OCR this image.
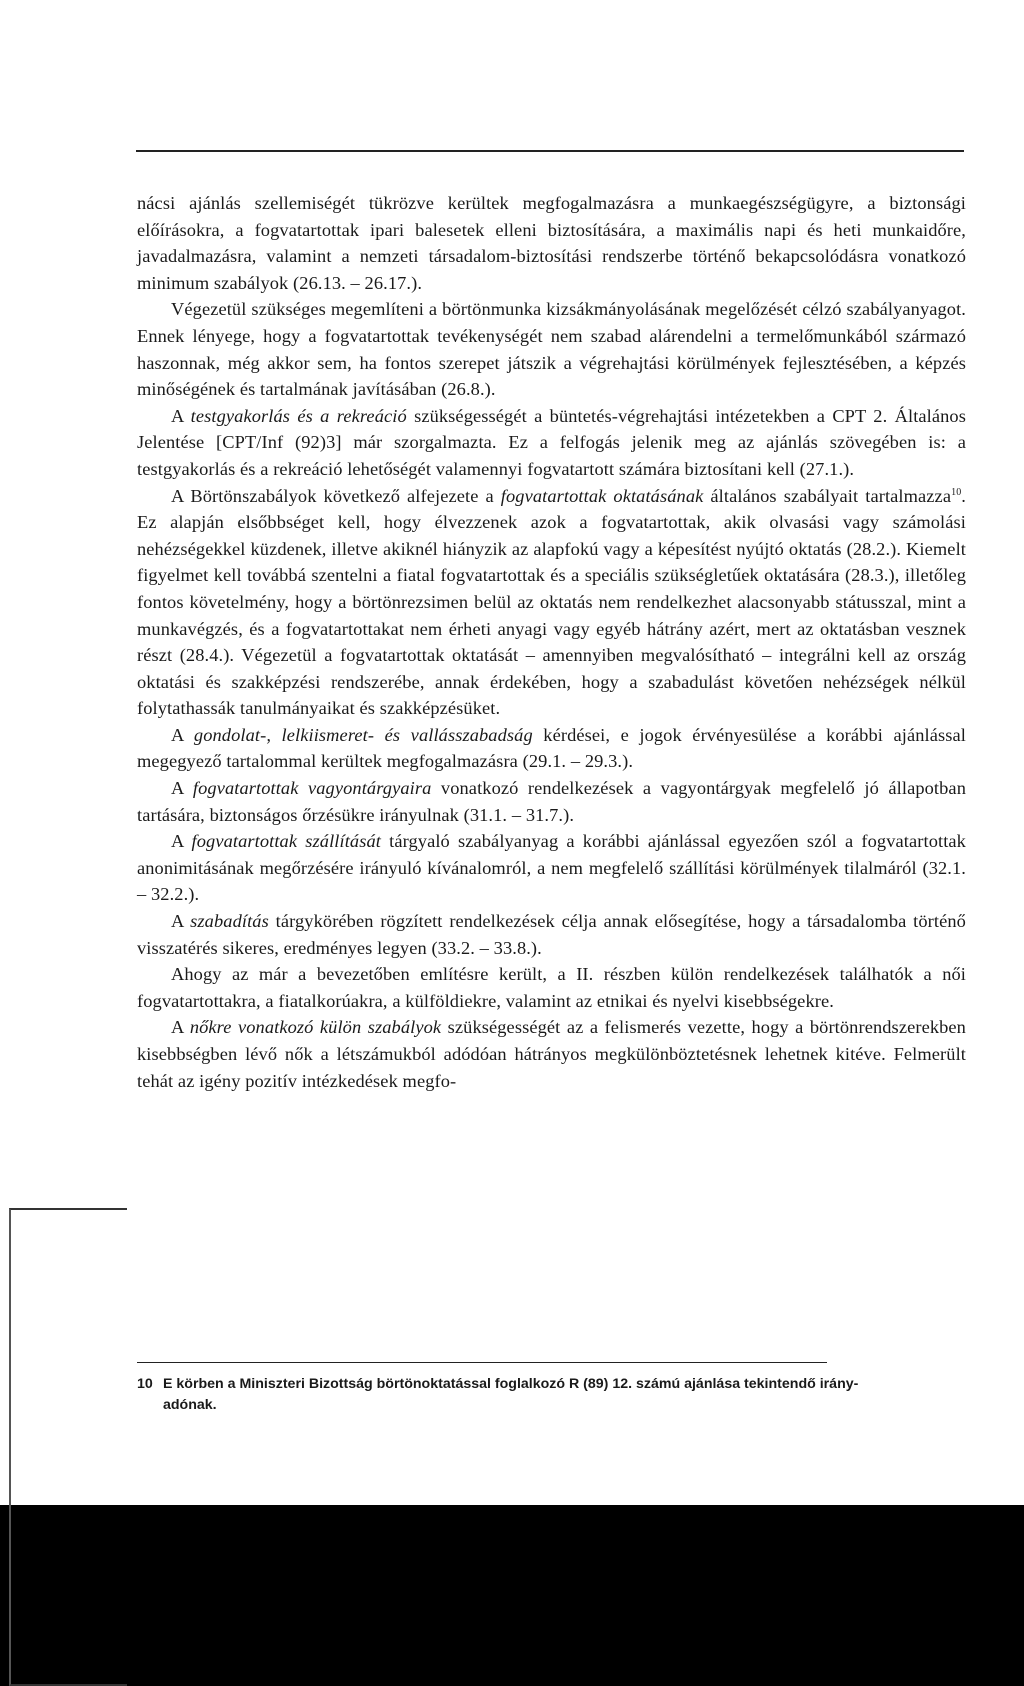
nácsi ajánlás szellemiségét tükrözve kerültek megfogalmazásra a munkaegészségügyre, a biztonsági előírásokra, a fogvatartottak ipari balesetek elleni biztosítására, a maximális napi és heti munkaidőre, javadalmazásra, valamint a nemzeti társadalom-biztosítási rendszerbe történő bekapcsolódásra vonatkozó minimum szabályok (26.13. – 26.17.).

Végezetül szükséges megemlíteni a börtönmunka kizsákmányolásának megelőzését célzó szabályanyagot. Ennek lényege, hogy a fogvatartottak tevékenységét nem szabad alárendelni a termelőmunkából származó haszonnak, még akkor sem, ha fontos szerepet játszik a végrehajtási körülmények fejlesztésében, a képzés minőségének és tartalmának javításában (26.8.).

A testgyakorlás és a rekreáció szükségességét a büntetés-végrehajtási intézetekben a CPT 2. Általános Jelentése [CPT/Inf (92)3] már szorgalmazta. Ez a felfogás jelenik meg az ajánlás szövegében is: a testgyakorlás és a rekreáció lehetőségét valamennyi fogvatartott számára biztosítani kell (27.1.).

A Börtönszabályok következő alfejezete a fogvatartottak oktatásának általános szabályait tartalmazza$^{10}$. Ez alapján elsőbbséget kell, hogy élvezzenek azok a fogvatartottak, akik olvasási vagy számolási nehézségekkel küzdenek, illetve akiknél hiányzik az alapfokú vagy a képesítést nyújtó oktatás (28.2.). Kiemelt figyelmet kell továbbá szentelni a fiatal fogvatartottak és a speciális szükségletűek oktatására (28.3.), illetőleg fontos követelmény, hogy a börtönrezsimen belül az oktatás nem rendelkezhet alacsonyabb státusszal, mint a munkavégzés, és a fogvatartottakat nem érheti anyagi vagy egyéb hátrány azért, mert az oktatásban vesznek részt (28.4.). Végezetül a fogvatartottak oktatását – amennyiben megvalósítható – integrálni kell az ország oktatási és szakképzési rendszerébe, annak érdekében, hogy a szabadulást követően nehézségek nélkül folytathassák tanulmányaikat és szakképzésüket.

A gondolat-, lelkiismeret- és vallásszabadság kérdései, e jogok érvényesülése a korábbi ajánlással megegyező tartalommal kerültek megfogalmazásra (29.1. – 29.3.).

A fogvatartottak vagyontárgyaira vonatkozó rendelkezések a vagyontárgyak megfelelő jó állapotban tartására, biztonságos őrzésükre irányulnak (31.1. – 31.7.).

A fogvatartottak szállítását tárgyaló szabályanyag a korábbi ajánlással egyezően szól a fogvatartottak anonimitásának megőrzésére irányuló kívánalomról, a nem megfelelő szállítási körülmények tilalmáról (32.1. – 32.2.).

A szabadítás tárgykörében rögzített rendelkezések célja annak elősegítése, hogy a társadalomba történő visszatérés sikeres, eredményes legyen (33.2. – 33.8.).

Ahogy az már a bevezetőben említésre került, a II. részben külön rendelkezések találhatók a női fogvatartottakra, a fiatalkorúakra, a külföldiekre, valamint az etnikai és nyelvi kisebbségekre.

A nőkre vonatkozó külön szabályok szükségességét az a felismerés vezette, hogy a börtönrendszerekben kisebbségben lévő nők a létszámukból adódóan hátrányos megkülönböztetésnek lehetnek kitéve. Felmerült tehát az igény pozitív intézkedések megfo-

10 E körben a Miniszteri Bizottság börtönoktatással foglalkozó R (89) 12. számú ajánlása tekintendő irány-
adónak.
